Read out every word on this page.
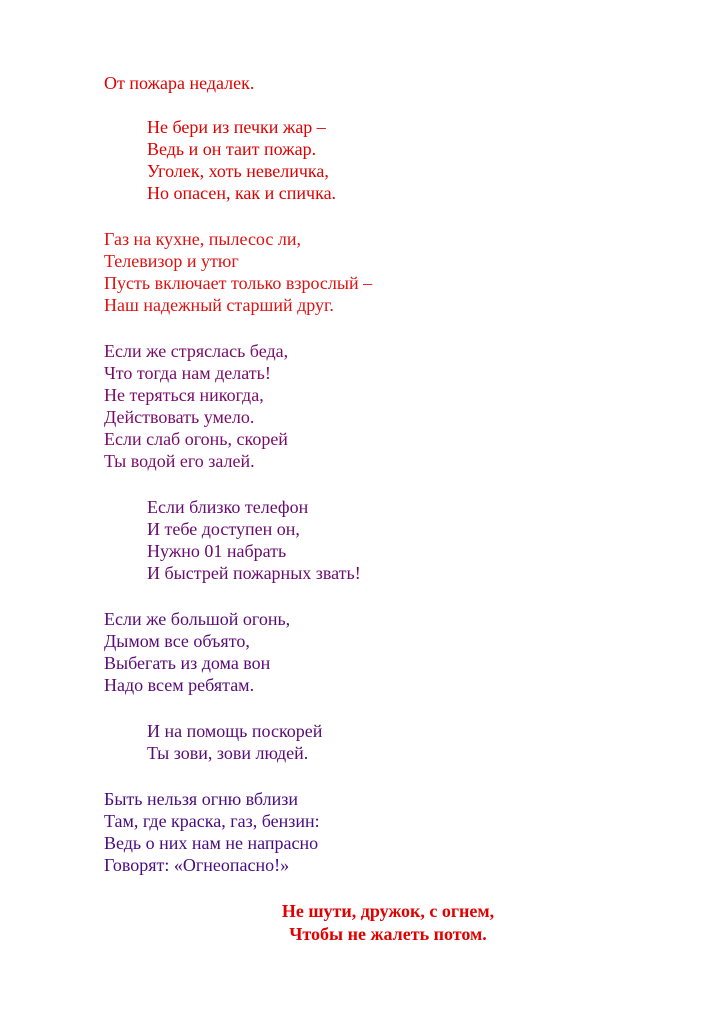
От пожара недалек.
Не бери из печки жар –
Ведь и он таит пожар.
Уголек, хоть невеличка,
Но опасен, как и спичка.
Газ на кухне, пылесос ли,
Телевизор и утюг
Пусть включает только взрослый –
Наш надежный старший друг.
Если же стряслась беда,
Что тогда нам делать!
Не теряться никогда,
Действовать умело.
Если слаб огонь, скорей
Ты водой его залей.
Если близко телефон
И тебе доступен он,
Нужно 01 набрать
И быстрей пожарных звать!
Если же большой огонь,
Дымом все объято,
Выбегать из дома вон
Надо всем ребятам.
И на помощь поскорей
Ты зови, зови людей.
Быть нельзя огню вблизи
Там, где краска, газ, бензин:
Ведь о них нам не напрасно
Говорят: «Огнеопасно!»
Не шути, дружок, с огнем,
Чтобы не жалеть потом.
